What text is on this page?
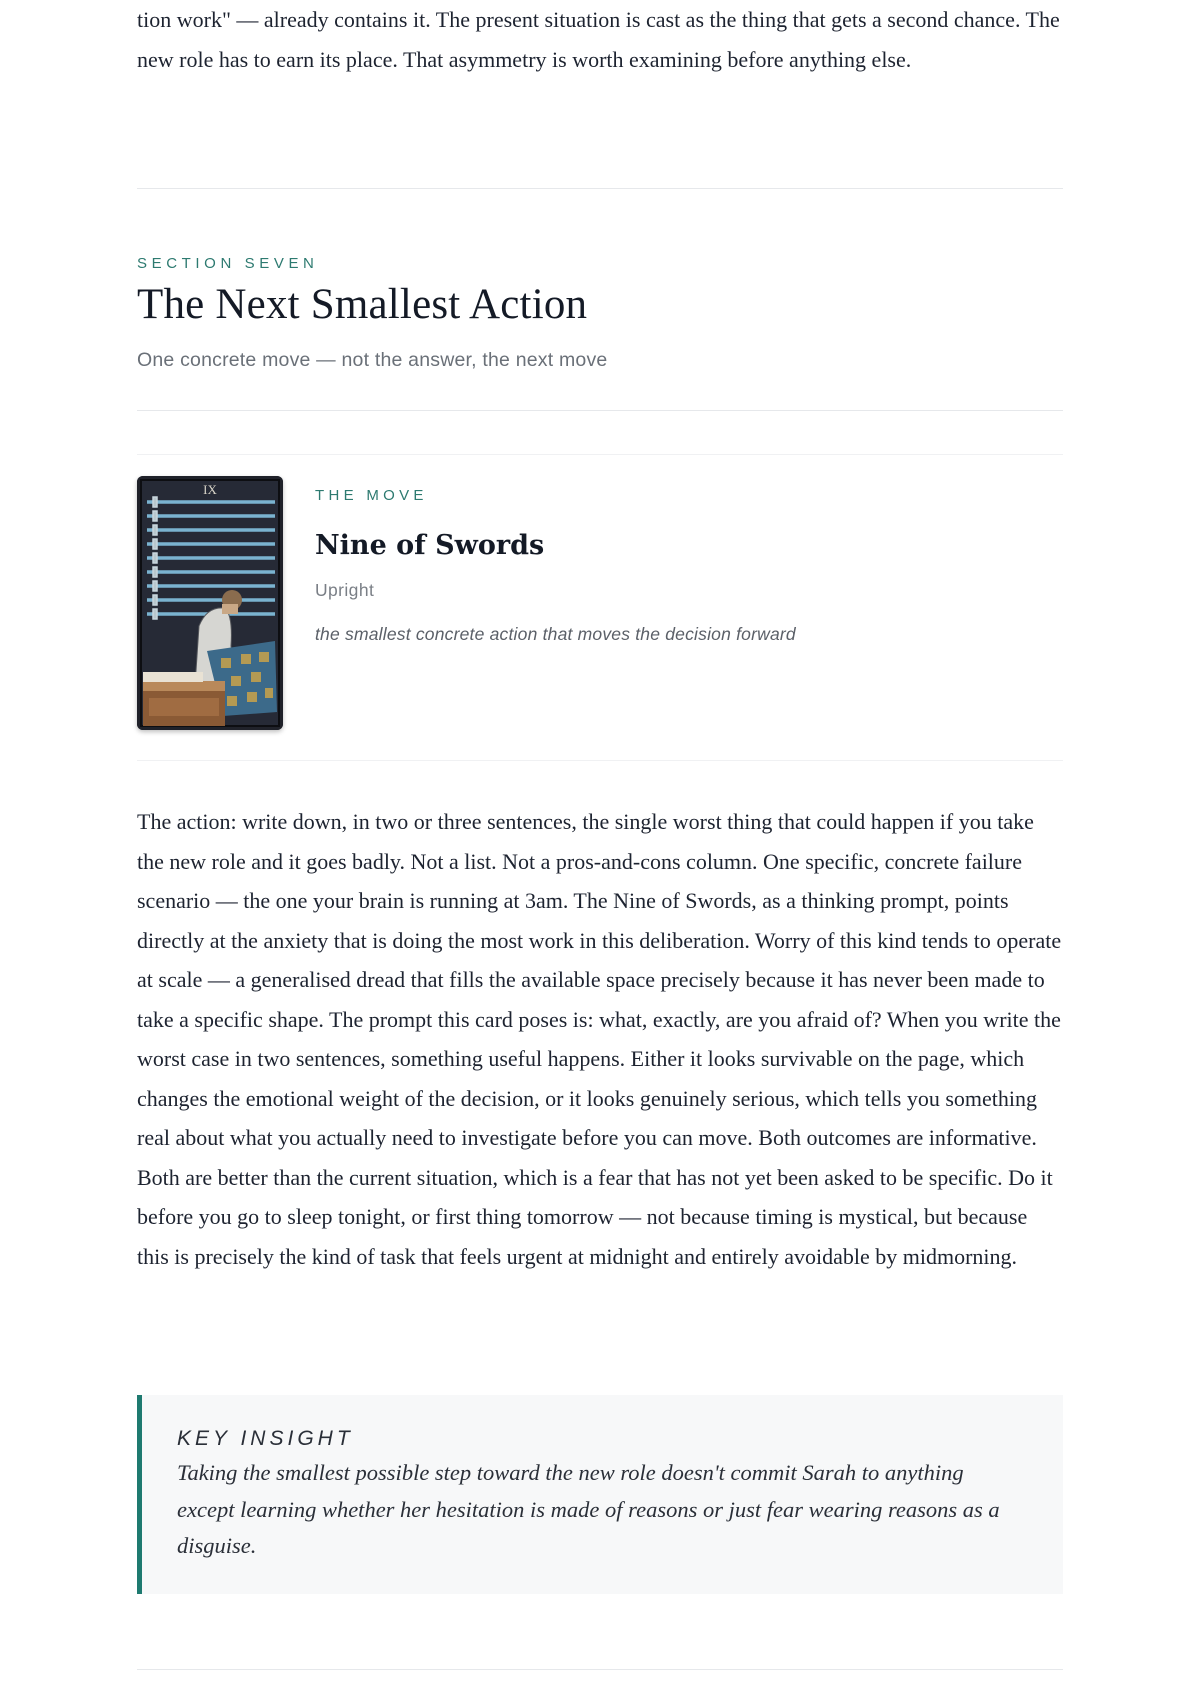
tion work" — already contains it. The present situation is cast as the thing that gets a second chance. The new role has to earn its place. That asymmetry is worth examining before anything else.

SECTION SEVEN
The Next Smallest Action
One concrete move — not the answer, the next move
IX	THE MOVE

Nine of Swords

Upright

the smallest concrete action that moves the decision forward

The action: write down, in two or three sentences, the single worst thing that could happen if you take the new role and it goes badly. Not a list. Not a pros-and-cons column. One specific, concrete failure scenario — the one your brain is running at 3am. The Nine of Swords, as a thinking prompt, points directly at the anxiety that is doing the most work in this deliberation. Worry of this kind tends to operate at scale — a generalised dread that fills the available space precisely because it has never been made to take a specific shape. The prompt this card poses is: what, exactly, are you afraid of? When you write the worst case in two sentences, something useful happens. Either it looks survivable on the page, which changes the emotional weight of the decision, or it looks genuinely serious, which tells you something real about what you actually need to investigate before you can move. Both outcomes are informative. Both are better than the current situation, which is a fear that has not yet been asked to be specific. Do it before you go to sleep tonight, or first thing tomorrow — not because timing is mystical, but because this is precisely the kind of task that feels urgent at midnight and entirely avoidable by midmorning.

KEY INSIGHT

Taking the smallest possible step toward the new role doesn't commit Sarah to anything except learning whether her hesitation is made of reasons or just fear wearing reasons as a disguise.
